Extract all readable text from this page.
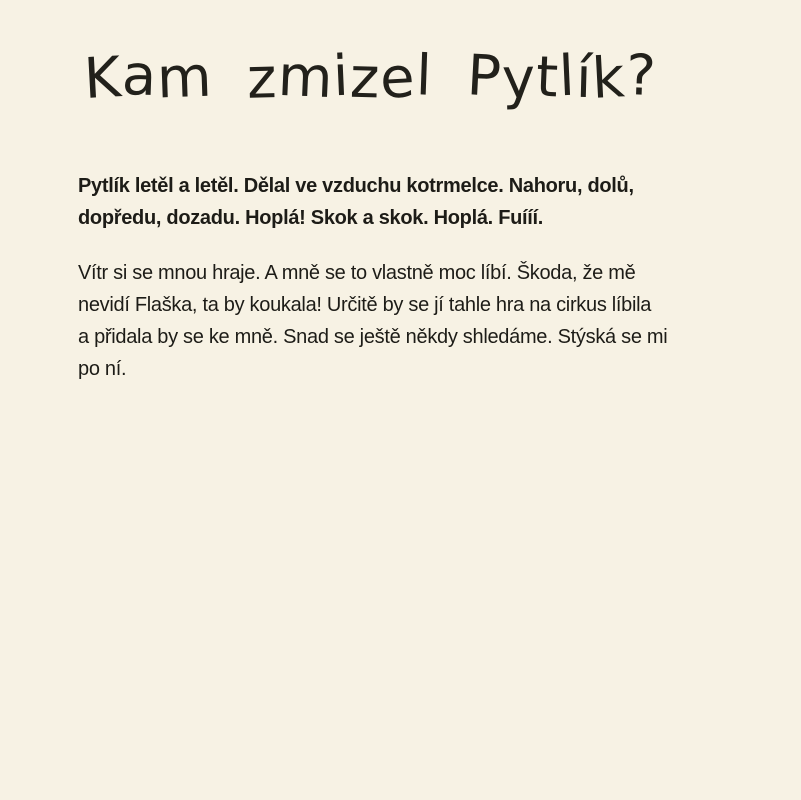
Kam zmizel Pytlík?
Pytlík letěl a letěl. Dělal ve vzduchu kotrmelce. Nahoru, dolů,
dopředu, dozadu. Hoplá! Skok a skok. Hoplá. Fuííí.
Vítr si se mnou hraje. A mně se to vlastně moc líbí. Škoda, že mě
nevidí Flaška, ta by koukala! Určitě by se jí tahle hra na cirkus líbila
a přidala by se ke mně. Snad se ještě někdy shledáme. Stýská se mi
po ní.
